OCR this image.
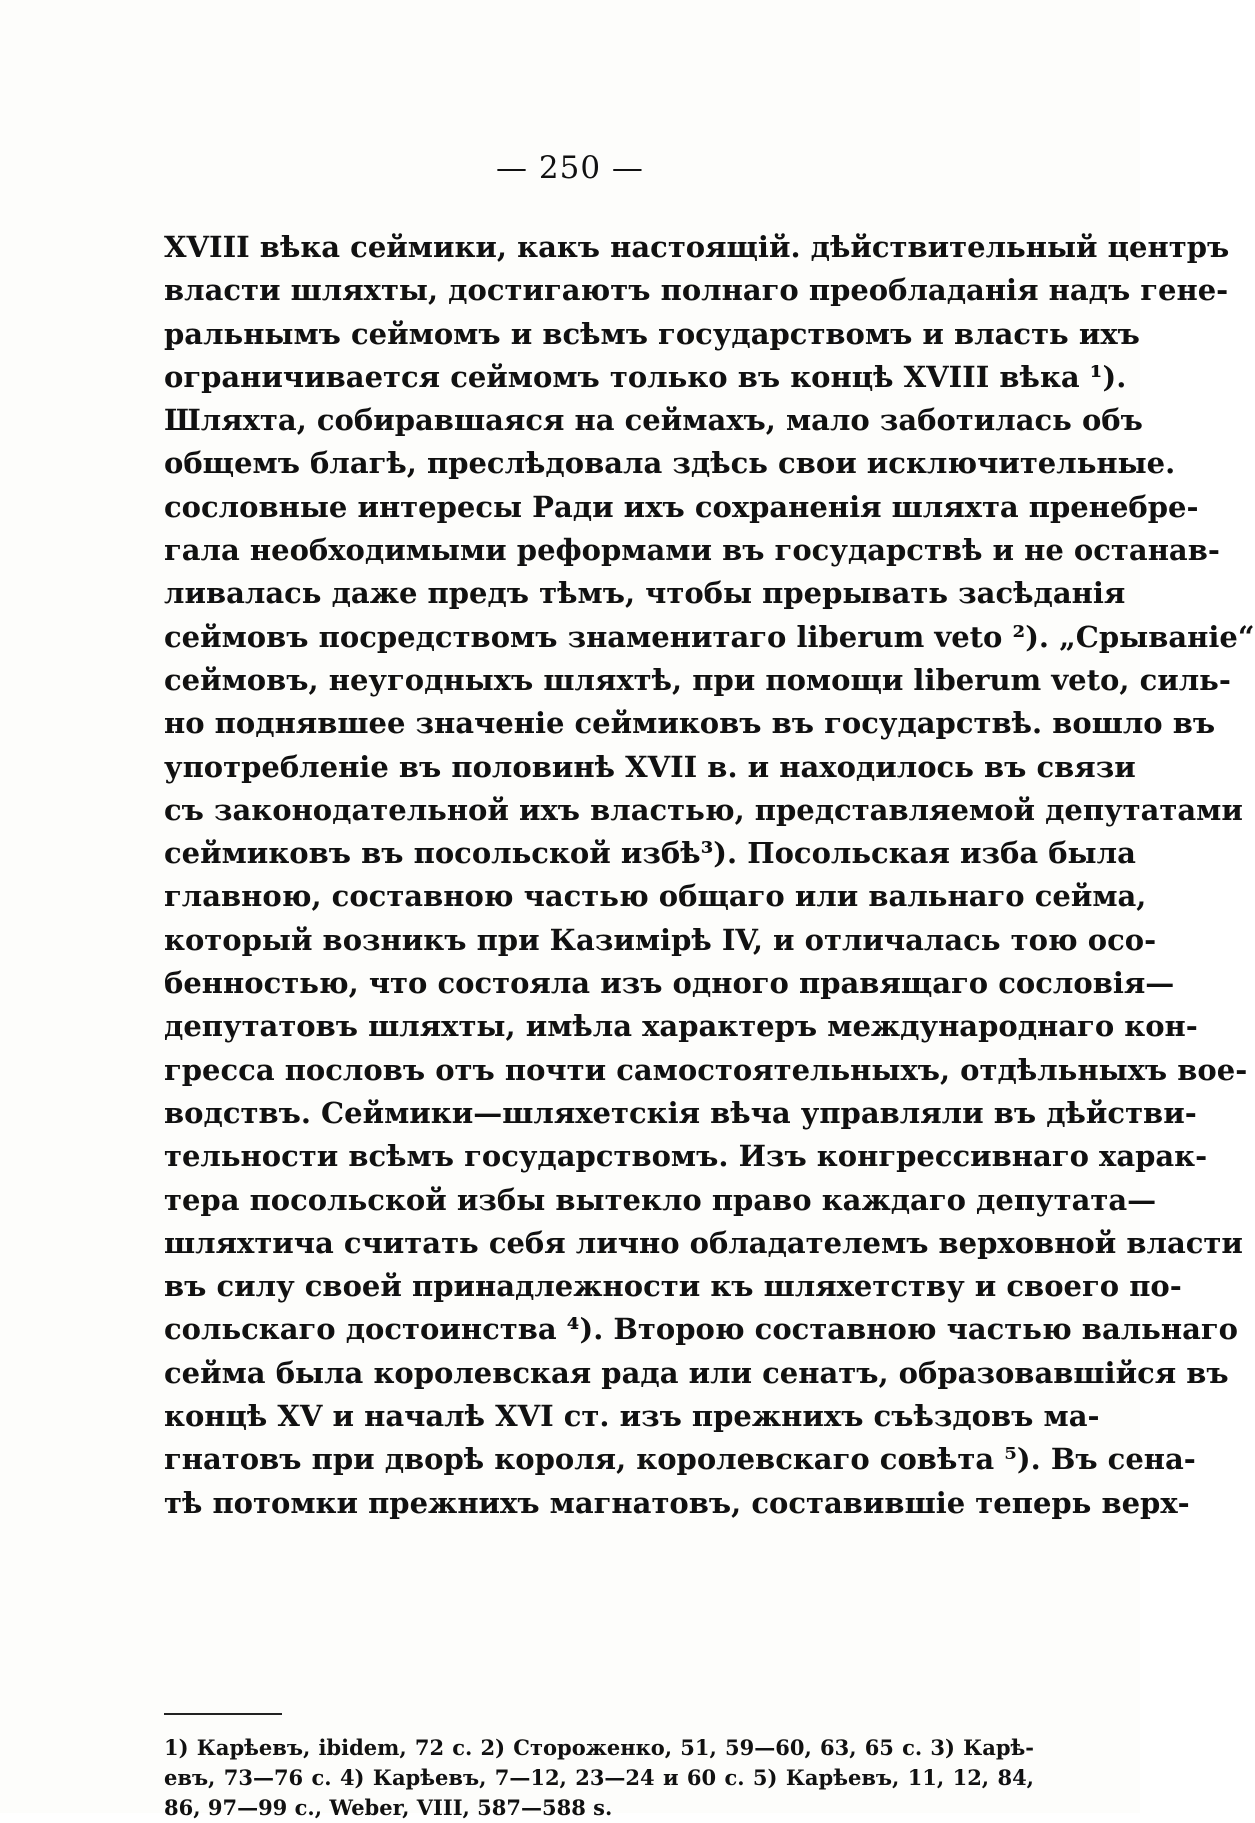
— 250 —
XVIII вѣка сеймики, какъ настоящій. дѣйствительный центръ
власти шляхты, достигаютъ полнаго преобладанія надъ гене-
ральнымъ сеймомъ и всѣмъ государствомъ и власть ихъ
ограничивается сеймомъ только въ концѣ XVIII вѣка ¹).
Шляхта, собиравшаяся на сеймахъ, мало заботилась объ
общемъ благѣ, преслѣдовала здѣсь свои исключительные.
сословные интересы Ради ихъ сохраненія шляхта пренебре-
гала необходимыми реформами въ государствѣ и не останав-
ливалась даже предъ тѣмъ, чтобы прерывать засѣданія
сеймовъ посредствомъ знаменитаго liberum veto ²). „Срываніе“
сеймовъ, неугодныхъ шляхтѣ, при помощи liberum veto, силь-
но поднявшее значеніе сеймиковъ въ государствѣ. вошло въ
употребленіе въ половинѣ XVII в. и находилось въ связи
съ законодательной ихъ властью, представляемой депутатами
сеймиковъ въ посольской избѣ³). Посольская изба была
главною, составною частью общаго или вальнаго сейма,
который возникъ при Казимірѣ IV, и отличалась тою осо-
бенностью, что состояла изъ одного правящаго сословія—
депутатовъ шляхты, имѣла характеръ международнаго кон-
гресса пословъ отъ почти самостоятельныхъ, отдѣльныхъ вое-
водствъ. Сеймики—шляхетскія вѣча управляли въ дѣйстви-
тельности всѣмъ государствомъ. Изъ конгрессивнаго харак-
тера посольской избы вытекло право каждаго депутата—
шляхтича считать себя лично обладателемъ верховной власти
въ силу своей принадлежности къ шляхетству и своего по-
сольскаго достоинства ⁴). Второю составною частью вальнаго
сейма была королевская рада или сенатъ, образовавшійся въ
концѣ XV и началѣ XVI ст. изъ прежнихъ съѣздовъ ма-
гнатовъ при дворѣ короля, королевскаго совѣта ⁵). Въ сена-
тѣ потомки прежнихъ магнатовъ, составившіе теперь верх-
1) Карѣевъ, ibidem, 72 с. 2) Стороженко, 51, 59—60, 63, 65 с. 3) Карѣ-
евъ, 73—76 с. 4) Карѣевъ, 7—12, 23—24 и 60 с. 5) Карѣевъ, 11, 12, 84,
86, 97—99 с., Weber, VIII, 587—588 s.
